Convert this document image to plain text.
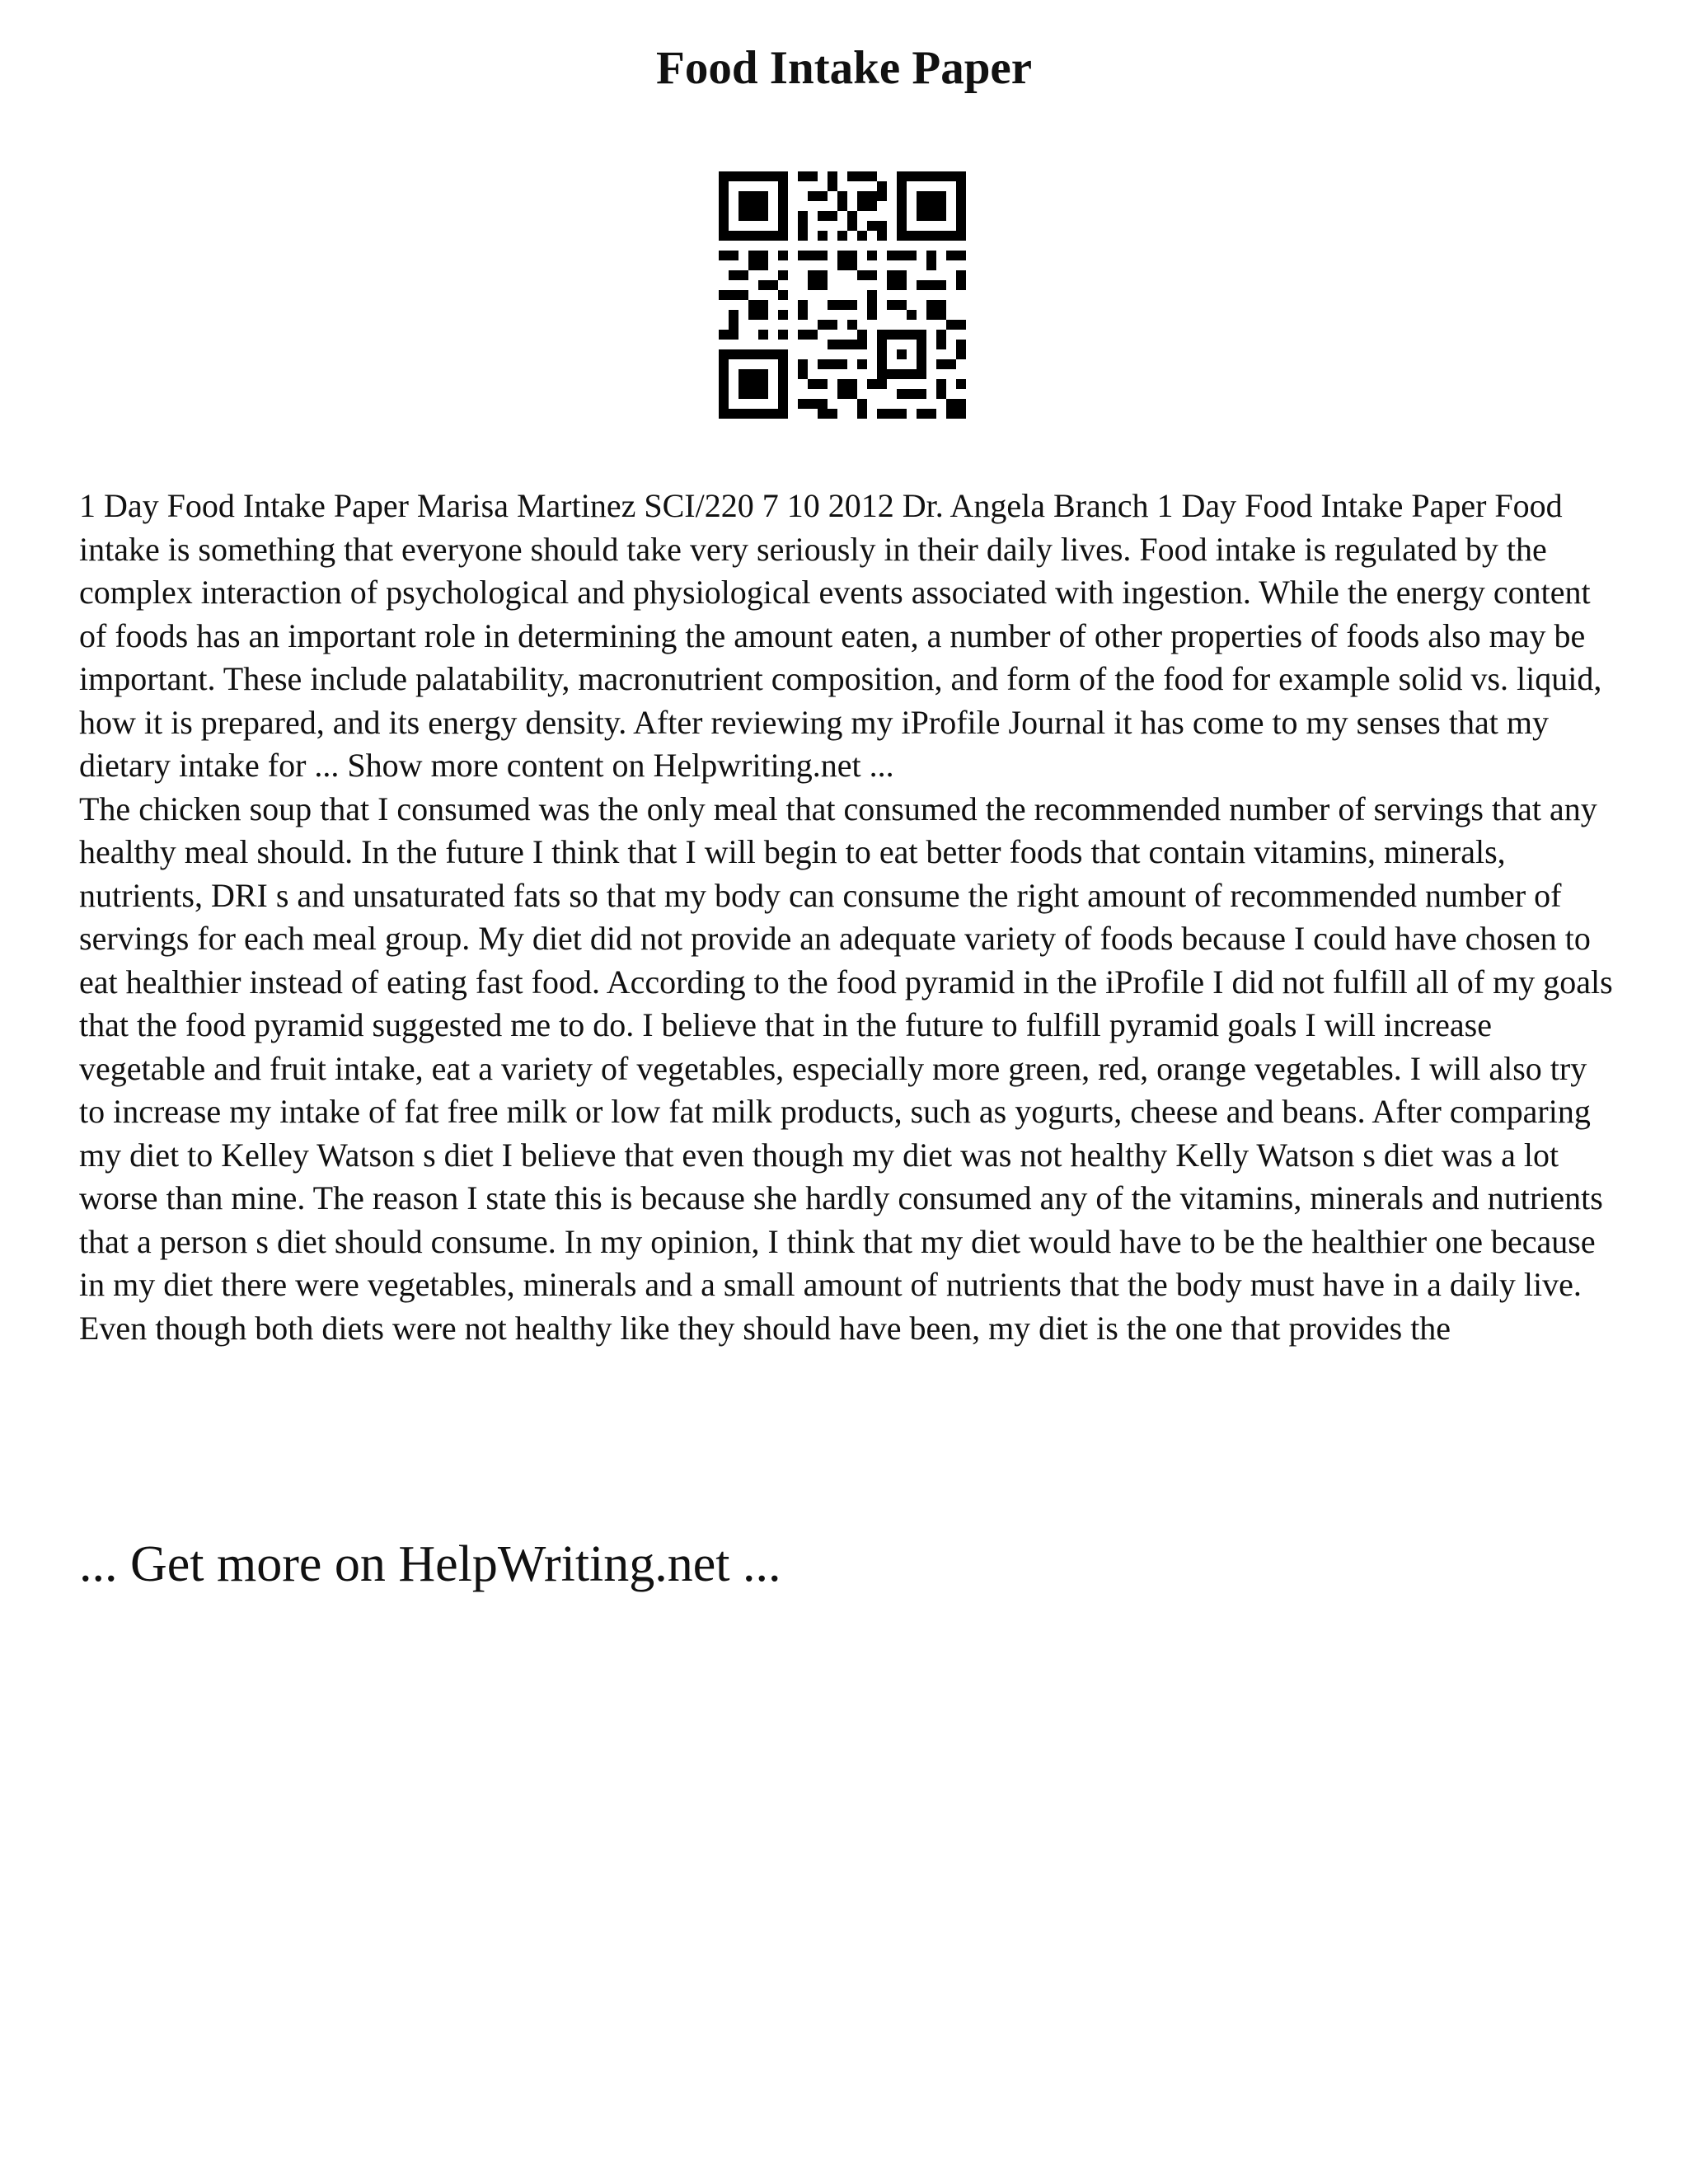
Food Intake Paper

1 Day Food Intake Paper Marisa Martinez SCI/220 7 10 2012 Dr. Angela Branch 1 Day Food Intake Paper Food intake is something that everyone should take very seriously in their daily lives. Food intake is regulated by the complex interaction of psychological and physiological events associated with ingestion. While the energy content of foods has an important role in determining the amount eaten, a number of other properties of foods also may be important. These include palatability, macronutrient composition, and form of the food for example solid vs. liquid, how it is prepared, and its energy density. After reviewing my iProfile Journal it has come to my senses that my dietary intake for ... Show more content on Helpwriting.net ...

The chicken soup that I consumed was the only meal that consumed the recommended number of servings that any healthy meal should. In the future I think that I will begin to eat better foods that contain vitamins, minerals, nutrients, DRI s and unsaturated fats so that my body can consume the right amount of recommended number of servings for each meal group. My diet did not provide an adequate variety of foods because I could have chosen to eat healthier instead of eating fast food. According to the food pyramid in the iProfile I did not fulfill all of my goals that the food pyramid suggested me to do. I believe that in the future to fulfill pyramid goals I will increase vegetable and fruit intake, eat a variety of vegetables, especially more green, red, orange vegetables. I will also try to increase my intake of fat free milk or low fat milk products, such as yogurts, cheese and beans. After comparing my diet to Kelley Watson s diet I believe that even though my diet was not healthy Kelly Watson s diet was a lot worse than mine. The reason I state this is because she hardly consumed any of the vitamins, minerals and nutrients that a person s diet should consume. In my opinion, I think that my diet would have to be the healthier one because in my diet there were vegetables, minerals and a small amount of nutrients that the body must have in a daily live. Even though both diets were not healthy like they should have been, my diet is the one that provides the

... Get more on HelpWriting.net ...
